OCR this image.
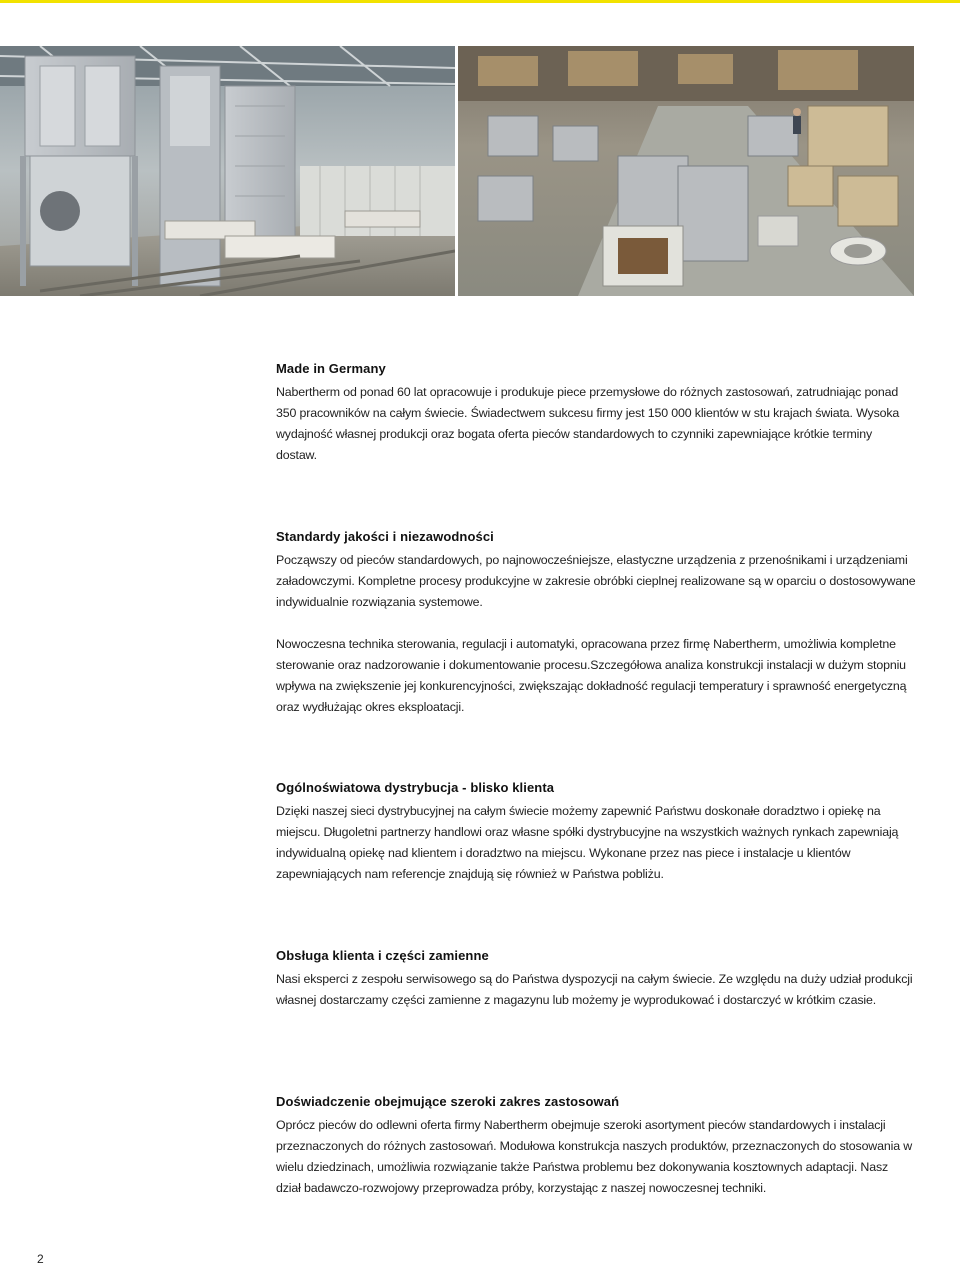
Made in Germany

Nabertherm od ponad 60 lat opracowuje i produkuje piece przemysłowe do różnych zastosowań, zatrudniając ponad 350 pracowników na całym świecie. Świadectwem sukcesu firmy jest 150 000 klientów w stu krajach świata. Wysoka wydajność własnej produkcji oraz bogata oferta pieców standardowych to czynniki zapewniające krótkie terminy dostaw.

Standardy jakości i niezawodności

Począwszy od pieców standardowych, po najnowocześniejsze, elastyczne urządzenia z przenośnikami i urządzeniami załadowczymi. Kompletne procesy produkcyjne w zakresie obróbki cieplnej realizowane są w oparciu o dostosowywane indywidualnie rozwiązania systemowe.

Nowoczesna technika sterowania, regulacji i automatyki, opracowana przez firmę Nabertherm, umożliwia kompletne sterowanie oraz nadzorowanie i dokumentowanie procesu.Szczegółowa analiza konstrukcji instalacji w dużym stopniu wpływa na zwiększenie jej konkurencyjności, zwiększając dokładność regulacji temperatury i sprawność energetyczną oraz wydłużając okres eksploatacji.

Ogólnoświatowa dystrybucja - blisko klienta

Dzięki naszej sieci dystrybucyjnej na całym świecie możemy zapewnić Państwu doskonałe doradztwo i opiekę na miejscu. Długoletni partnerzy handlowi oraz własne spółki dystrybucyjne na wszystkich ważnych rynkach zapewniają indywidualną opiekę nad klientem i doradztwo na miejscu. Wykonane przez nas piece i instalacje u klientów zapewniających nam referencje znajdują się również w Państwa pobliżu.

Obsługa klienta i części zamienne

Nasi eksperci z zespołu serwisowego są do Państwa dyspozycji na całym świecie. Ze względu na duży udział produkcji własnej dostarczamy części zamienne z magazynu lub możemy je wyprodukować i dostarczyć w krótkim czasie.

Doświadczenie obejmujące szeroki zakres zastosowań

Oprócz pieców do odlewni oferta firmy Nabertherm obejmuje szeroki asortyment pieców standardowych i instalacji przeznaczonych do różnych zastosowań. Modułowa konstrukcja naszych produktów, przeznaczonych do stosowania w wielu dziedzinach, umożliwia rozwiązanie także Państwa problemu bez dokonywania kosztownych adaptacji. Nasz dział badawczo-rozwojowy przeprowadza próby, korzystając z naszej nowoczesnej techniki.

2
